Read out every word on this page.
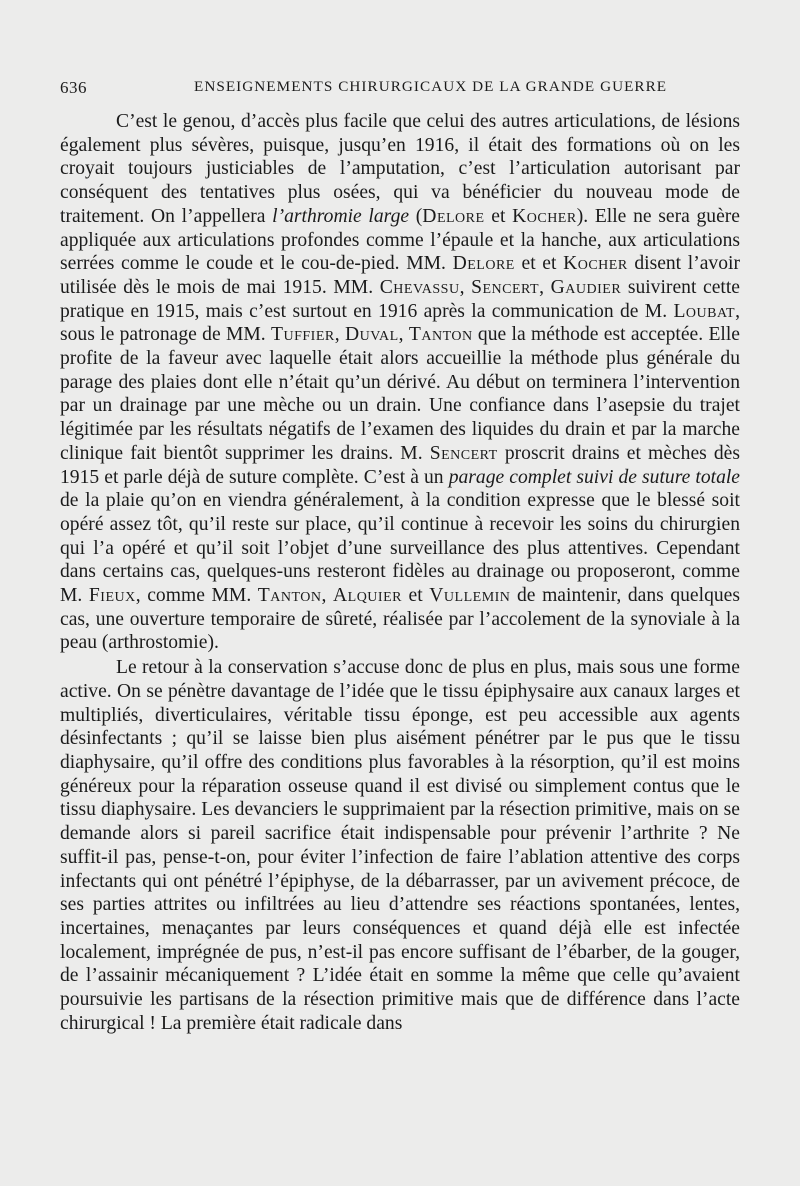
636	ENSEIGNEMENTS CHIRURGICAUX DE LA GRANDE GUERRE

C’est le genou, d’accès plus facile que celui des autres articulations, de lésions également plus sévères, puisque, jusqu’en 1916, il était des formations où on les croyait toujours justiciables de l’amputation, c’est l’articulation autorisant par conséquent des tentatives plus osées, qui va bénéficier du nouveau mode de traitement. On l’appellera l’arthromie large (Delore et Kocher). Elle ne sera guère appliquée aux articulations profondes comme l’épaule et la hanche, aux articulations serrées comme le coude et le cou-de-pied. MM. Delore et et Kocher disent l’avoir utilisée dès le mois de mai 1915. MM. Chevassu, Sencert, Gaudier suivirent cette pratique en 1915, mais c’est surtout en 1916 après la communication de M. Loubat, sous le patronage de MM. Tuffier, Duval, Tanton que la méthode est acceptée. Elle profite de la faveur avec laquelle était alors accueillie la méthode plus générale du parage des plaies dont elle n’était qu’un dérivé. Au début on terminera l’intervention par un drainage par une mèche ou un drain. Une confiance dans l’asepsie du trajet légitimée par les résultats négatifs de l’examen des liquides du drain et par la marche clinique fait bientôt supprimer les drains. M. Sencert proscrit drains et mèches dès 1915 et parle déjà de suture complète. C’est à un parage complet suivi de suture totale de la plaie qu’on en viendra généralement, à la condition expresse que le blessé soit opéré assez tôt, qu’il reste sur place, qu’il continue à recevoir les soins du chirurgien qui l’a opéré et qu’il soit l’objet d’une surveillance des plus attentives. Cependant dans certains cas, quelques-uns resteront fidèles au drainage ou proposeront, comme M. Fieux, comme MM. Tanton, Alquier et Vullemin de maintenir, dans quelques cas, une ouverture temporaire de sûreté, réalisée par l’accolement de la synoviale à la peau (arthrostomie).

Le retour à la conservation s’accuse donc de plus en plus, mais sous une forme active. On se pénètre davantage de l’idée que le tissu épiphysaire aux canaux larges et multipliés, diverticulaires, véritable tissu éponge, est peu accessible aux agents désinfectants ; qu’il se laisse bien plus aisément pénétrer par le pus que le tissu diaphysaire, qu’il offre des conditions plus favorables à la résorption, qu’il est moins généreux pour la réparation osseuse quand il est divisé ou simplement contus que le tissu diaphysaire. Les devanciers le supprimaient par la résection primitive, mais on se demande alors si pareil sacrifice était indispensable pour prévenir l’arthrite ? Ne suffit-il pas, pense-t-on, pour éviter l’infection de faire l’ablation attentive des corps infectants qui ont pénétré l’épiphyse, de la débarrasser, par un avivement précoce, de ses parties attrites ou infiltrées au lieu d’attendre ses réactions spontanées, lentes, incertaines, menaçantes par leurs conséquences et quand déjà elle est infectée localement, imprégnée de pus, n’est-il pas encore suffisant de l’ébarber, de la gouger, de l’assainir mécaniquement ? L’idée était en somme la même que celle qu’avaient poursuivie les partisans de la résection primitive mais que de différence dans l’acte chirurgical ! La première était radicale dans
